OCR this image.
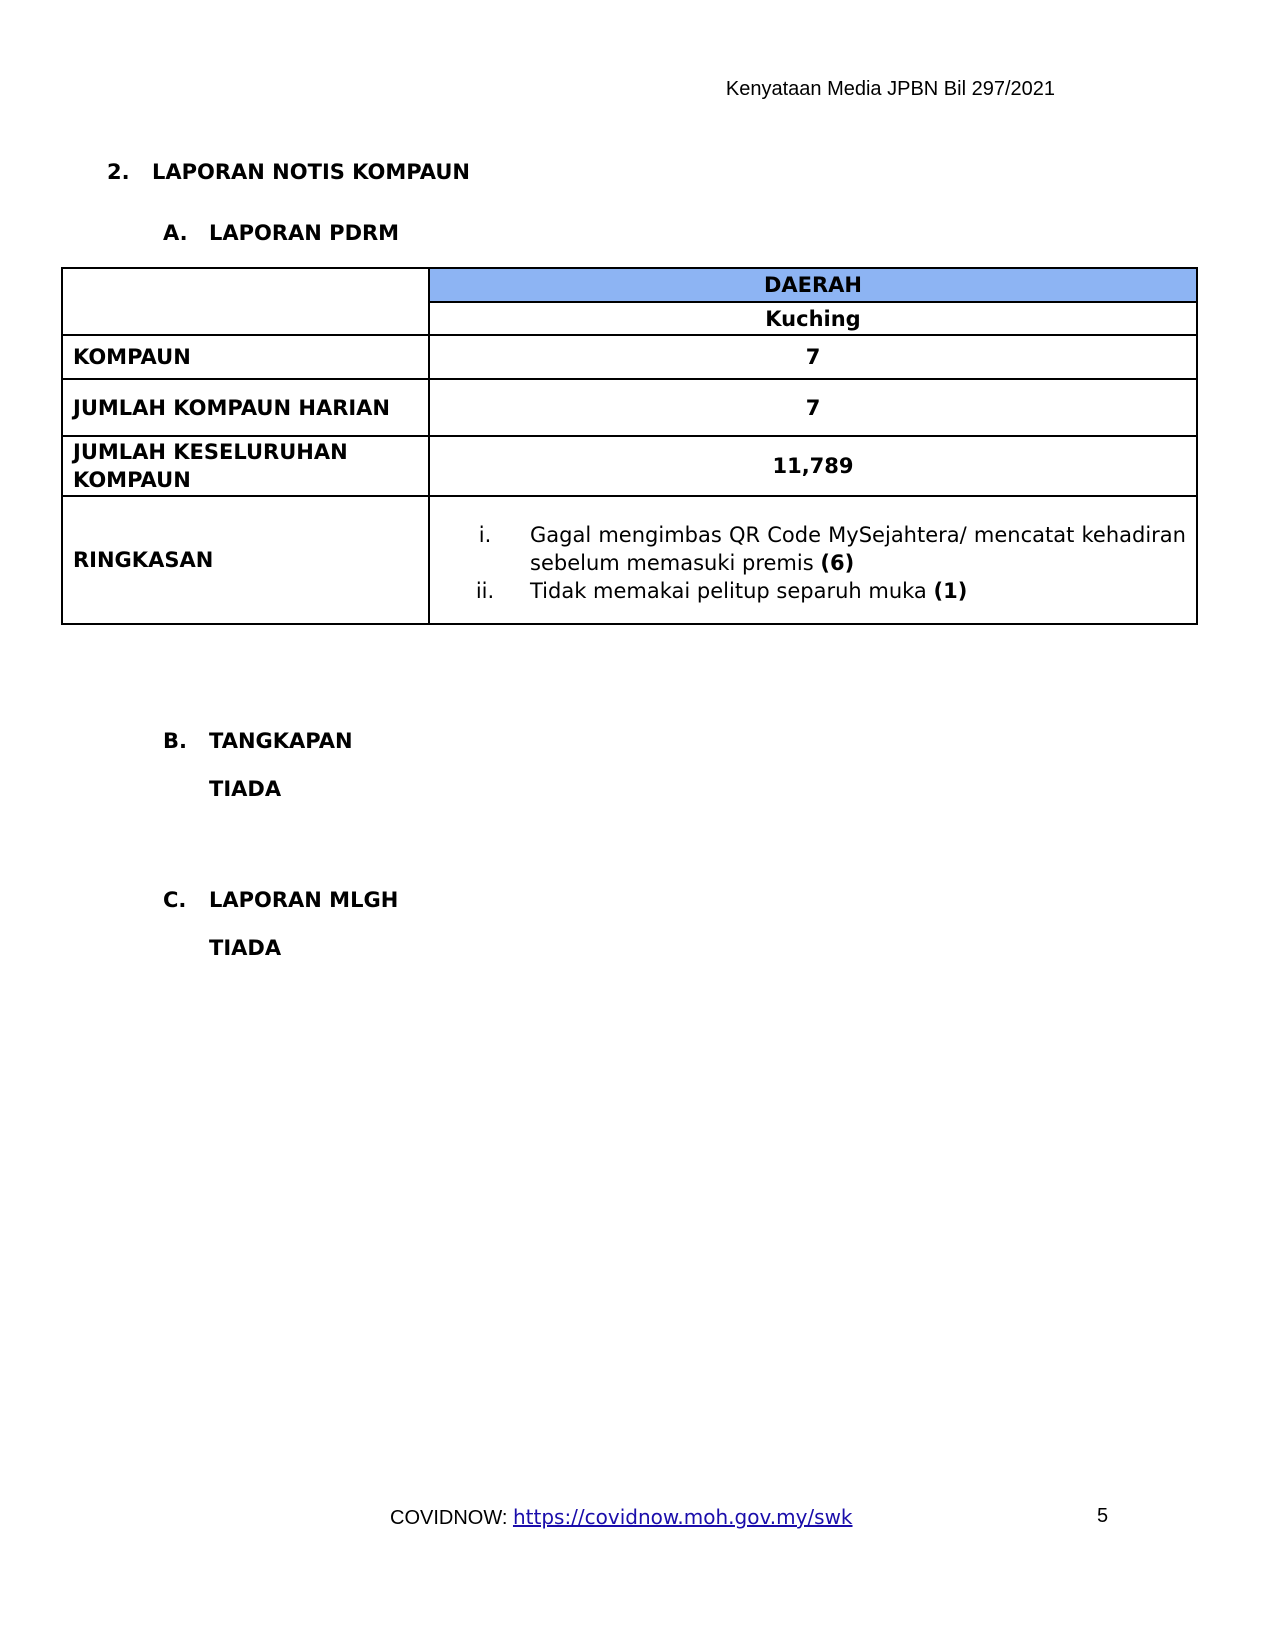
Kenyataan Media JPBN Bil 297/2021
2. LAPORAN NOTIS KOMPAUN
A. LAPORAN PDRM
	DAERAH
	Kuching
KOMPAUN	7
JUMLAH KOMPAUN HARIAN	7

JUMLAH KESELURUHAN
KOMPAUN	11,789
RINGKASAN	i. Gagal mengimbas QR Code MySejahtera/ mencatat kehadiran sebelum memasuki premis (6)
ii. Tidak memakai pelitup separuh muka (1)
B. TANGKAPAN
TIADA
C. LAPORAN MLGH
TIADA
COVIDNOW: https://covidnow.moh.gov.my/swk	5
